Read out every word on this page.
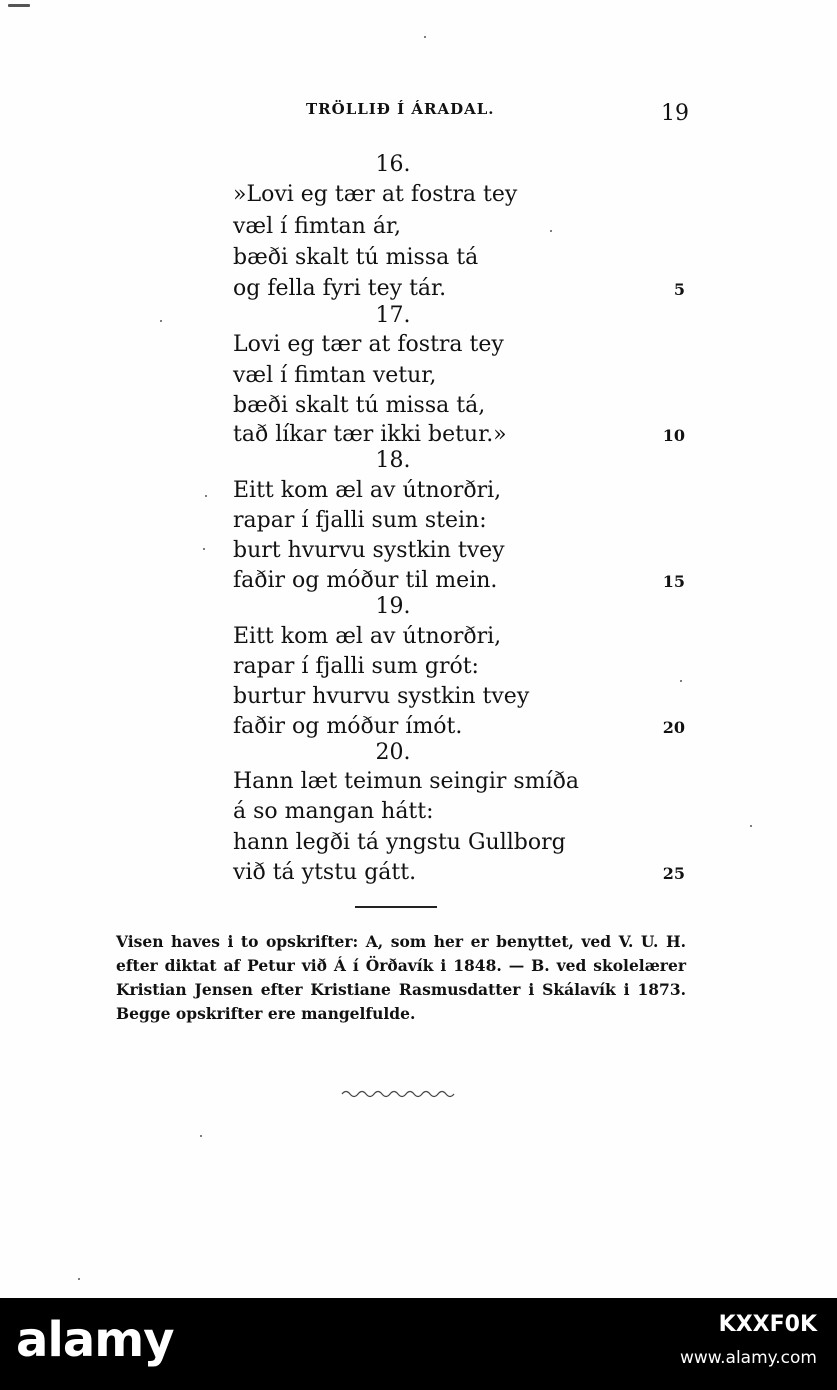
TRÖLLIÐ Í ÁRADAL.	19
16.
»Lovi eg tær at fostra tey
væl í fimtan ár,
bæði skalt tú missa tá
og fella fyri tey tár.	5
17.
Lovi eg tær at fostra tey
væl í fimtan vetur,
bæði skalt tú missa tá,
tað líkar tær ikki betur.»	10
18.
Eitt kom æl av útnorðri,
rapar í fjalli sum stein:
burt hvurvu systkin tvey
faðir og móður til mein.	15
19.
Eitt kom æl av útnorðri,
rapar í fjalli sum grót:
burtur hvurvu systkin tvey
faðir og móður ímót.	20
20.
Hann læt teimun seingir smíða
á so mangan hátt:
hann legði tá yngstu Gullborg
við tá ytstu gátt.	25
Visen haves i to opskrifter: A, som her er benyttet, ved V. U. H. efter diktat af Petur við Á í Örðavík i 1848. — B. ved skolelærer Kristian Jensen efter Kristiane Rasmusdatter i Skálavík i 1873. Begge opskrifter ere mangelfulde.
alamy	KXXF0K
www.alamy.com
